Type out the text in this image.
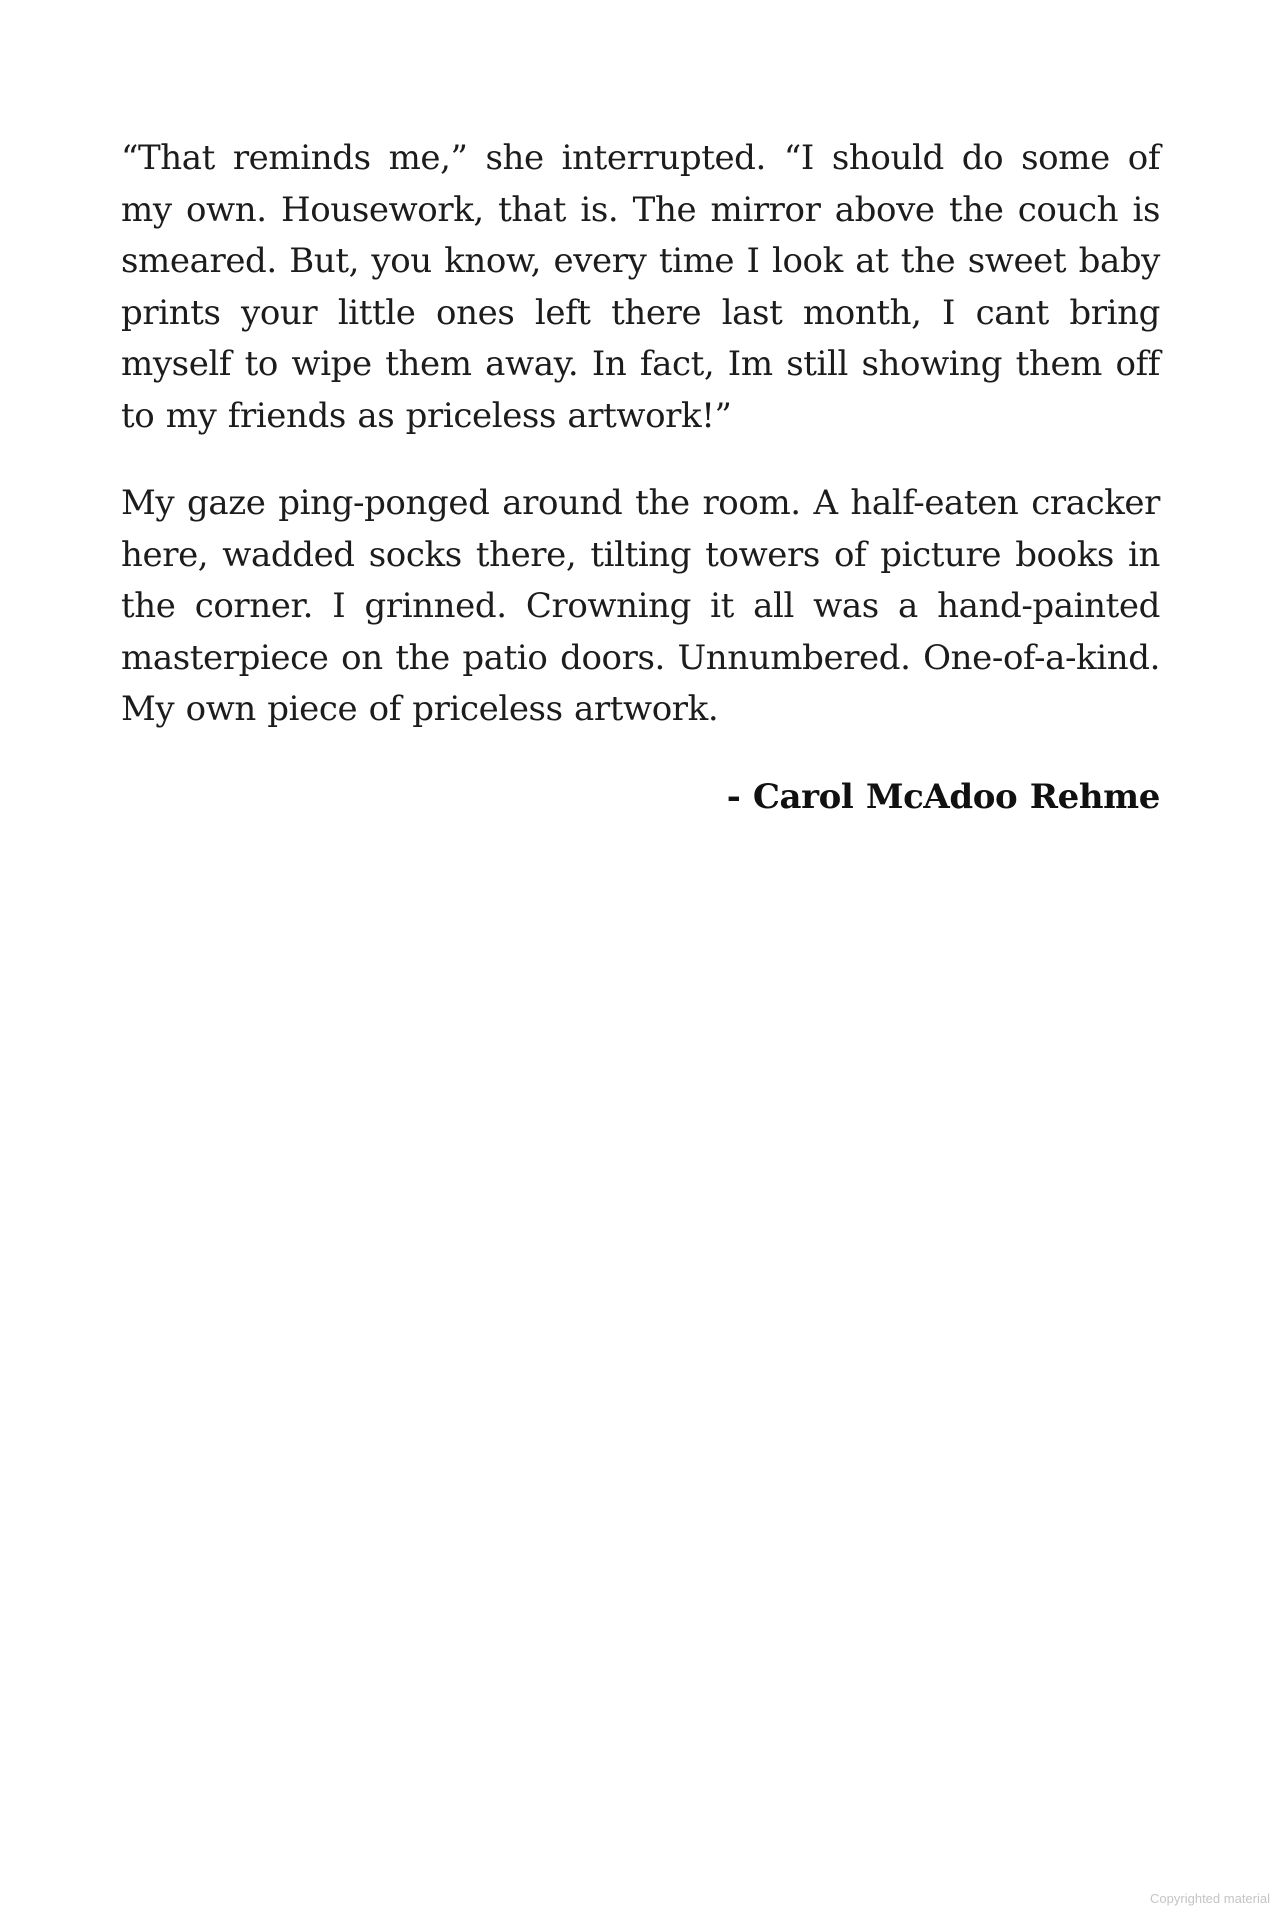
“That reminds me,” she interrupted. “I should do some of my own. Housework, that is. The mirror above the couch is smeared. But, you know, every time I look at the sweet baby prints your little ones left there last month, I cant bring myself to wipe them away. In fact, Im still showing them off to my friends as priceless artwork!”

My gaze ping-ponged around the room. A half-eaten cracker here, wadded socks there, tilting towers of picture books in the corner. I grinned. Crowning it all was a hand-painted masterpiece on the patio doors. Unnumbered. One-of-a-kind. My own piece of priceless artwork.

- Carol McAdoo Rehme
Copyrighted material
